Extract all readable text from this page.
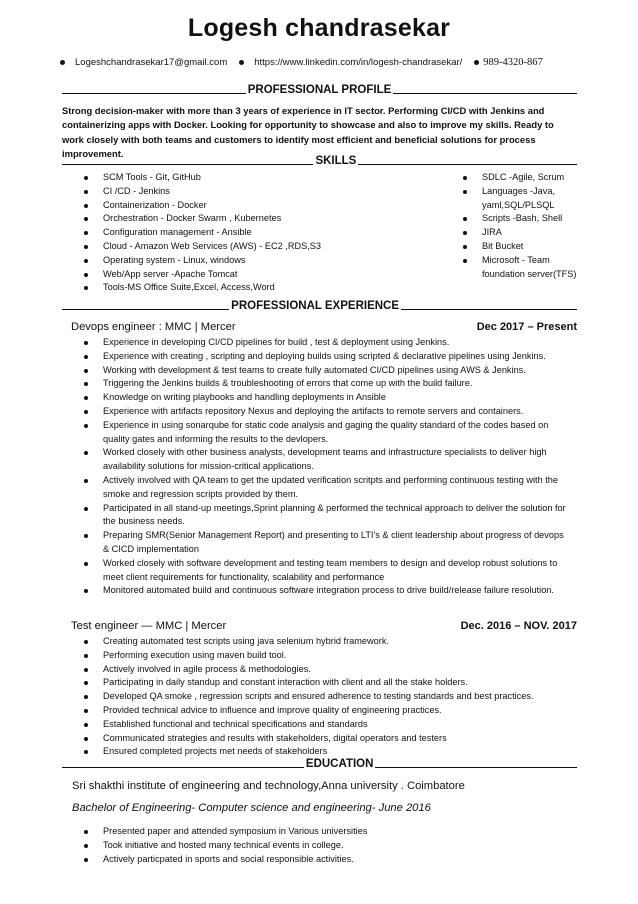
Logesh chandrasekar
Logeshchandrasekar17@gmail.com	https://www.linkedin.com/in/logesh-chandrasekar/ 989-4320-867
PROFESSIONAL PROFILE
Strong decision-maker with more than 3 years of experience in IT sector. Performing CI/CD with Jenkins and containerizing apps with Docker. Looking for opportunity to showcase and also to improve my skills. Ready to work closely with both teams and customers to identify most efficient and beneficial solutions for process improvement.
SKILLS
SCM Tools - Git, GitHub
CI /CD - Jenkins
Containerization - Docker
Orchestration - Docker Swarm , Kubernetes
Configuration management - Ansible
Cloud - Amazon Web Services (AWS) - EC2 ,RDS,S3
Operating system - Linux, windows
Web/App server -Apache Tomcat
Tools-MS Office Suite,Excel, Access,Word
SDLC -Agile, Scrum
Languages -Java, yaml,SQL/PLSQL
Scripts -Bash, Shell
JIRA
Bit Bucket
Microsoft - Team foundation server(TFS)
PROFESSIONAL EXPERIENCE
Devops engineer : MMC | Mercer	Dec 2017 – Present
Experience in developing CI/CD pipelines for build , test & deployment using Jenkins.
Experience with creating , scripting and deploying builds using scripted & declarative pipelines using Jenkins.
Working with development & test teams to create fully automated CI/CD pipelines using AWS & Jenkins.
Triggering the Jenkins builds & troubleshooting of errors that come up with the build failure.
Knowledge on writing playbooks and handling deployments in Ansible
Experience with artifacts repository Nexus and deploying the artifacts to remote servers and containers.
Experience in using sonarqube for static code analysis and gaging the quality standard of the codes based on quality gates and informing the results to the devlopers.
Worked closely with other business analysts, development teams and infrastructure specialists to deliver high availability solutions for mission-critical applications.
Actively involved with QA team to get the updated verification scritpts and performing continuous testing with the smoke and regression scripts provided by them.
Participated in all stand-up meetings,Sprint planning & performed the technical approach to deliver the solution for the business needs.
Preparing SMR(Senior Management Report) and presenting to LTI's & client leadership about progress of devops & CICD implementation
Worked closely with software development and testing team members to design and develop robust solutions to meet client requirements for functionality, scalability and performance
Monitored automated build and continuous software integration process to drive build/release failure resolution.
Test engineer — MMC | Mercer	Dec. 2016 – NOV. 2017
Creating automated test scripts using java selenium hybrid framework.
Performing execution using maven build tool.
Actively involved in agile process & methodologies.
Participating in daily standup and constant interaction with client and all the stake holders.
Developed QA smoke , regression scripts and ensured adherence to testing standards and best practices.
Provided technical advice to influence and improve quality of engineering practices.
Established functional and technical specifications and standards
Communicated strategies and results with stakeholders, digital operators and testers
Ensured completed projects met needs of stakeholders
EDUCATION
Sri shakthi institute of engineering and technology,Anna university . Coimbatore
Bachelor of Engineering- Computer science and engineering- June 2016
Presented paper and attended symposium in Various universities
Took initiative and hosted many technical events in college.
Actively particpated in sports and social responsible activities.
